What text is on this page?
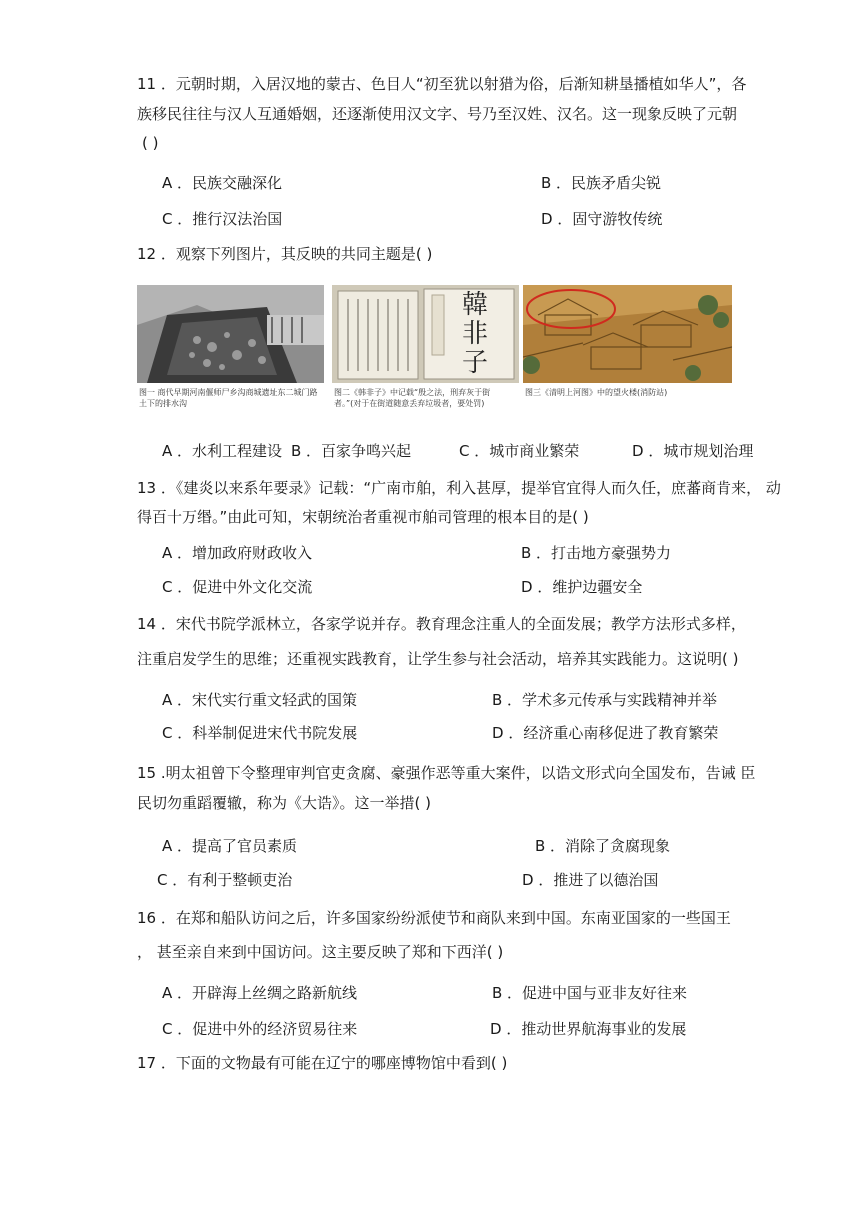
11 ．元朝时期，入居汉地的蒙古、色目人“初至犹以射猎为俗，后渐知耕垦播植如华人”，各
族移民往往与汉人互通婚姻，还逐渐使用汉文字、号乃至汉姓、汉名。这一现象反映了元朝
( )
A ．民族交融深化	B ．民族矛盾尖锐
C ．推行汉法治国	D ．固守游牧传统
12 ．观察下列图片，其反映的共同主题是( )
图一 商代早期河南偃师尸乡沟商城遗址东二城门路土下的排水沟
韓非子
图二《韩非子》中记载“殷之法，刑弃灰于街者。”(对于在街道随意丢弃垃圾者，要处罚)
图三《清明上河图》中的望火楼(消防站)
A ．水利工程建设 B ．百家争鸣兴起	C ．城市商业繁荣	D ．城市规划治理
13 ．《建炎以来系年要录》记载：“广南市舶，利入甚厚，提举官宜得人而久任，庶蕃商肯来， 动
得百十万缗。”由此可知，宋朝统治者重视市舶司管理的根本目的是( )
A ．增加政府财政收入	B ．打击地方豪强势力
C ．促进中外文化交流	D ．维护边疆安全
14 ．宋代书院学派林立，各家学说并存。教育理念注重人的全面发展；教学方法形式多样，
注重启发学生的思维；还重视实践教育，让学生参与社会活动，培养其实践能力。这说明( )
A ．宋代实行重文轻武的国策	B ．学术多元传承与实践精神并举
C ．科举制促进宋代书院发展	D ．经济重心南移促进了教育繁荣
15 .明太祖曾下令整理审判官吏贪腐、豪强作恶等重大案件，以诰文形式向全国发布，告诫 臣
民切勿重蹈覆辙，称为《大诰》。这一举措( )
A ．提高了官员素质	B ．消除了贪腐现象
C ．有利于整顿吏治	D ．推进了以德治国
16 ．在郑和船队访问之后，许多国家纷纷派使节和商队来到中国。东南亚国家的一些国王
， 甚至亲自来到中国访问。这主要反映了郑和下西洋( )
A ．开辟海上丝绸之路新航线	B ．促进中国与亚非友好往来
C ．促进中外的经济贸易往来	D ．推动世界航海事业的发展
17 ．下面的文物最有可能在辽宁的哪座博物馆中看到( )
